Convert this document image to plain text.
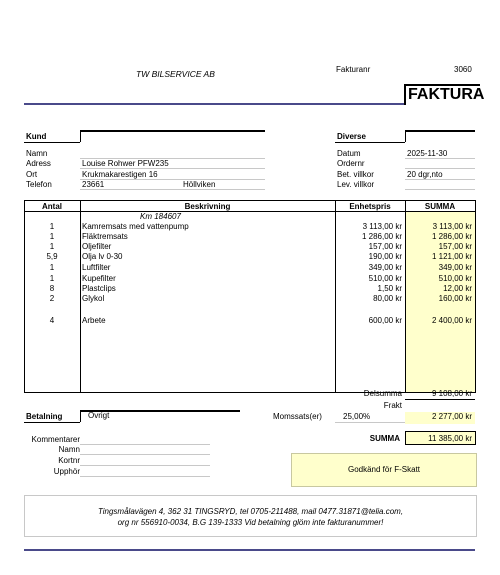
TW BILSERVICE AB	Fakturanr	3060
FAKTURA
Kund
Namn
Adress	Louise Rohwer PFW235
Ort	Krukmakarestigen 16
Telefon	23661	Höllviken
Diverse
Datum	2025-11-30
Ordernr
Bet. villkor	20 dgr,nto
Lev. villkor
Antal	Beskrivning	Enhetspris	SUMMA
Km 184607
1	Kamremsats med vattenpump	3 113,00 kr	3 113,00 kr
1	Fläktremsats	1 286,00 kr	1 286,00 kr
1	Oljefilter	157,00 kr	157,00 kr
5,9	Olja lv 0-30	190,00 kr	1 121,00 kr
1	Luftfilter	349,00 kr	349,00 kr
1	Kupefilter	510,00 kr	510,00 kr
8	Plastclips	1,50 kr	12,00 kr
2	Glykol	80,00 kr	160,00 kr
4	Arbete	600,00 kr	2 400,00 kr
Delsumma	9 108,00 kr
Frakt
Momssats(er)	25,00%	2 277,00 kr
SUMMA	11 385,00 kr
Betalning	Övrigt
Kommentarer
Namn
Kortnr
Upphör	Godkänd för F-Skatt
Tingsmålavägen 4, 362 31 TINGSRYD, tel 0705-211488, mail 0477.31871@telia.com,
org nr 556910-0034, B.G 139-1333 Vid betalning glöm inte fakturanummer!
